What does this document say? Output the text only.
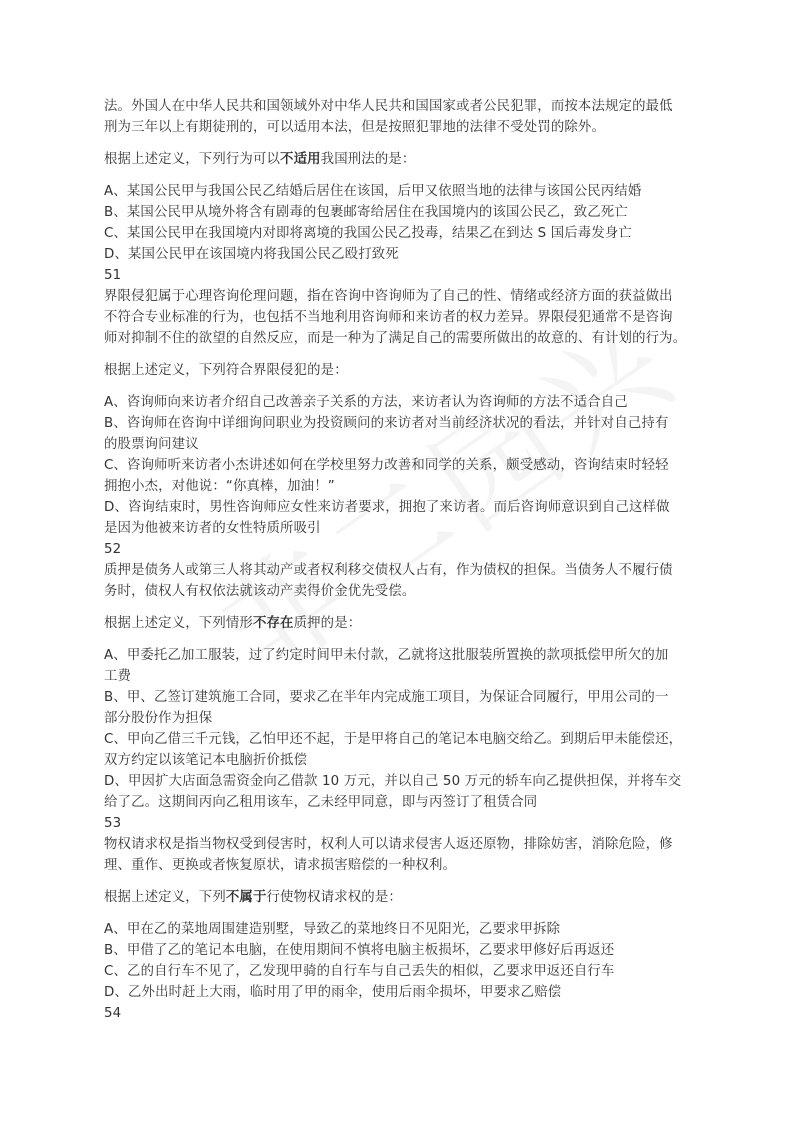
法。外国人在中华人民共和国领域外对中华人民共和国国家或者公民犯罪，而按本法规定的最低

刑为三年以上有期徒刑的，可以适用本法，但是按照犯罪地的法律不受处罚的除外。

根据上述定义，下列行为可以不适用我国刑法的是：

A、某国公民甲与我国公民乙结婚后居住在该国，后甲又依照当地的法律与该国公民丙结婚

B、某国公民甲从境外将含有剧毒的包裹邮寄给居住在我国境内的该国公民乙，致乙死亡

C、某国公民甲在我国境内对即将离境的我国公民乙投毒，结果乙在到达 S 国后毒发身亡

D、某国公民甲在该国境内将我国公民乙殴打致死

51

界限侵犯属于心理咨询伦理问题，指在咨询中咨询师为了自己的性、情绪或经济方面的获益做出

不符合专业标准的行为，也包括不当地利用咨询师和来访者的权力差异。界限侵犯通常不是咨询

师对抑制不住的欲望的自然反应，而是一种为了满足自己的需要所做出的故意的、有计划的行为。

根据上述定义，下列符合界限侵犯的是：

A、咨询师向来访者介绍自己改善亲子关系的方法，来访者认为咨询师的方法不适合自己

B、咨询师在咨询中详细询问职业为投资顾问的来访者对当前经济状况的看法，并针对自己持有

的股票询问建议

C、咨询师听来访者小杰讲述如何在学校里努力改善和同学的关系，颇受感动，咨询结束时轻轻

拥抱小杰，对他说：“你真棒，加油！”

D、咨询结束时，男性咨询师应女性来访者要求，拥抱了来访者。而后咨询师意识到自己这样做

是因为他被来访者的女性特质所吸引

52

质押是债务人或第三人将其动产或者权利移交债权人占有，作为债权的担保。当债务人不履行债

务时，债权人有权依法就该动产卖得价金优先受偿。

根据上述定义，下列情形不存在质押的是：

A、甲委托乙加工服装，过了约定时间甲未付款，乙就将这批服装所置换的款项抵偿甲所欠的加

工费

B、甲、乙签订建筑施工合同，要求乙在半年内完成施工项目，为保证合同履行，甲用公司的一

部分股份作为担保

C、甲向乙借三千元钱，乙怕甲还不起，于是甲将自己的笔记本电脑交给乙。到期后甲未能偿还，

双方约定以该笔记本电脑折价抵偿

D、甲因扩大店面急需资金向乙借款 10 万元，并以自己 50 万元的轿车向乙提供担保，并将车交

给了乙。这期间丙向乙租用该车，乙未经甲同意，即与丙签订了租赁合同

53

物权请求权是指当物权受到侵害时，权利人可以请求侵害人返还原物，排除妨害，消除危险，修

理、重作、更换或者恢复原状，请求损害赔偿的一种权利。

根据上述定义，下列不属于行使物权请求权的是：

A、甲在乙的菜地周围建造别墅，导致乙的菜地终日不见阳光，乙要求甲拆除

B、甲借了乙的笔记本电脑，在使用期间不慎将电脑主板损坏，乙要求甲修好后再返还

C、乙的自行车不见了，乙发现甲骑的自行车与自己丢失的相似，乙要求甲返还自行车

D、乙外出时赶上大雨，临时用了甲的雨伞，使用后雨伞损坏，甲要求乙赔偿

54
